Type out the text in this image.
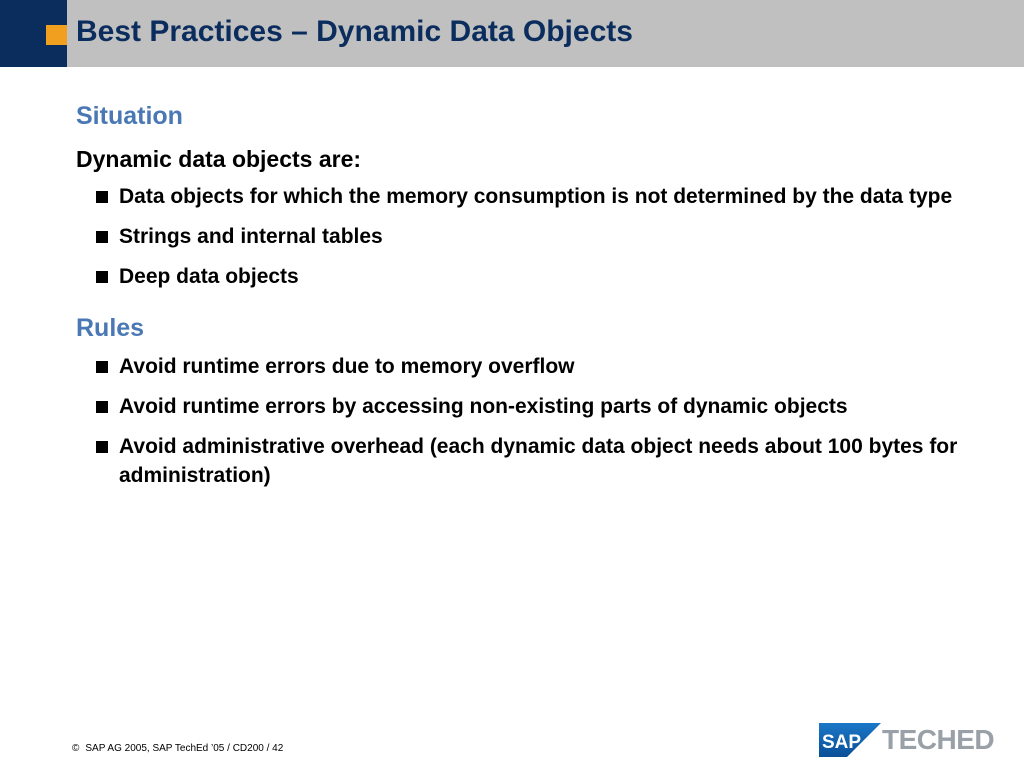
Best Practices – Dynamic Data Objects
Situation
Dynamic data objects are:
Data objects for which the memory consumption is not determined by the data type
Strings and internal tables
Deep data objects
Rules
Avoid runtime errors due to memory overflow
Avoid runtime errors by accessing non-existing parts of dynamic objects
Avoid administrative overhead (each dynamic data object needs about 100 bytes for administration)
© SAP AG 2005, SAP TechEd ’05 / CD200 / 42	SAP TECHED
